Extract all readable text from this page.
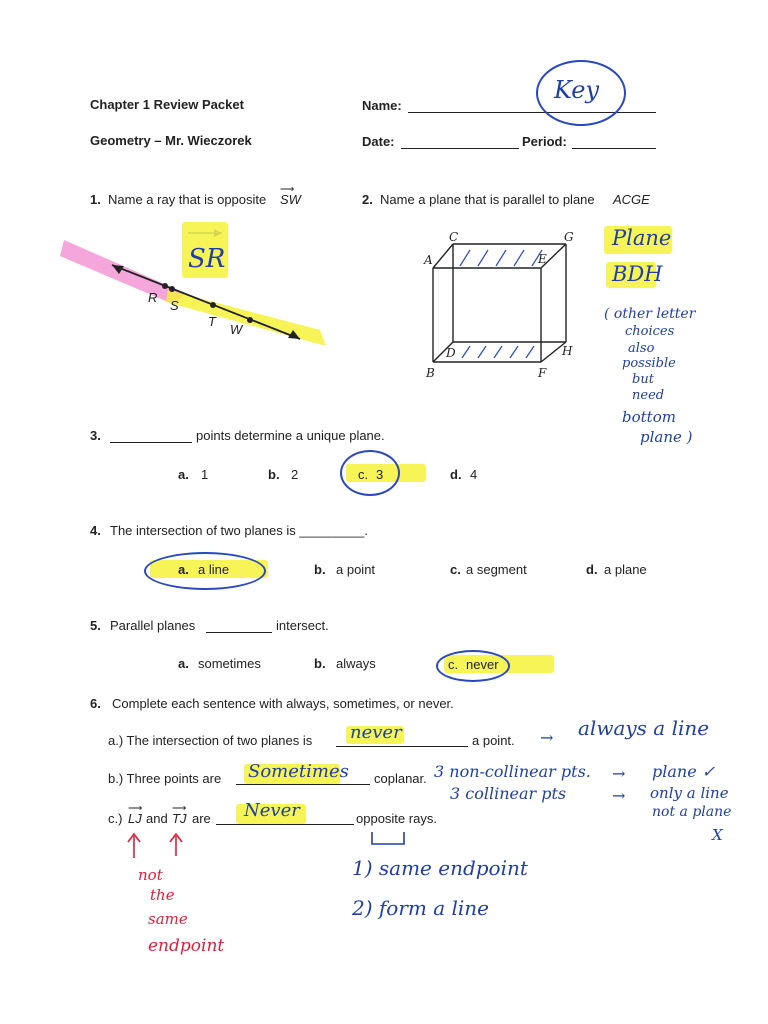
Chapter 1 Review Packet
Geometry – Mr. Wieczorek
Name:
Date:	Period:
Key
1. Name a ray that is opposite SW
⟶
R
S
T
W
SR
2. Name a plane that is parallel to plane ACGE
C	G
A	E
D	H
B	F
Plane
BDH
( other letter
choices
also
possible
but
need
bottom
plane )
3.	points determine a unique plane.
a. 1	b. 2	c. 3	d. 4
4. The intersection of two planes is _________.
a. a line	b. a point	c. a segment	d. a plane
5. Parallel planes	intersect.
a. sometimes	b. always	c. never
6. Complete each sentence with always, sometimes, or never.
a.) The intersection of two planes is never	a point. → always a line
b.) Three points are Sometimes coplanar. 3 non-collinear pts. → plane ✓
3 collinear pts	→ only a line
not a plane
X
c.) LJ
⟶
and TJ
⟶
are Never	opposite rays.
1) same endpoint
2) form a line
not
the
same
endpoint
